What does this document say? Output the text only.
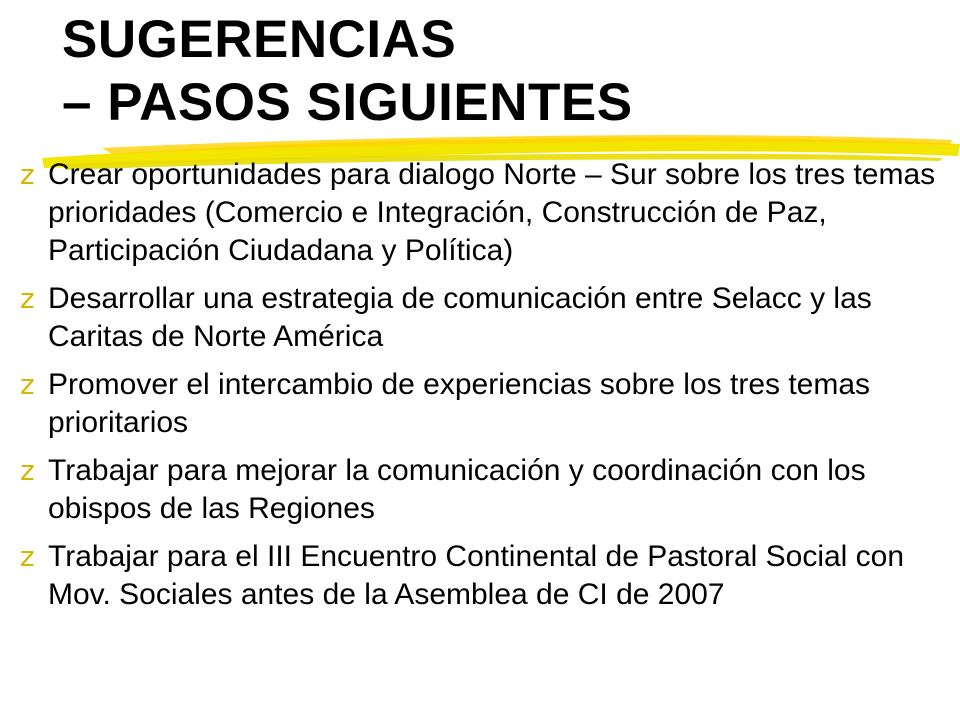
SUGERENCIAS
– PASOS SIGUIENTES
z Crear oportunidades para dialogo Norte – Sur sobre los tres temas prioridades (Comercio e Integración, Construcción de Paz, Participación Ciudadana y Política)
z Desarrollar una estrategia de comunicación entre Selacc y las Caritas de Norte América
z Promover el intercambio de experiencias sobre los tres temas prioritarios
z Trabajar para mejorar la comunicación y coordinación con los obispos de las Regiones
z Trabajar para el III Encuentro Continental de Pastoral Social con Mov. Sociales antes de la Asemblea de CI de 2007
